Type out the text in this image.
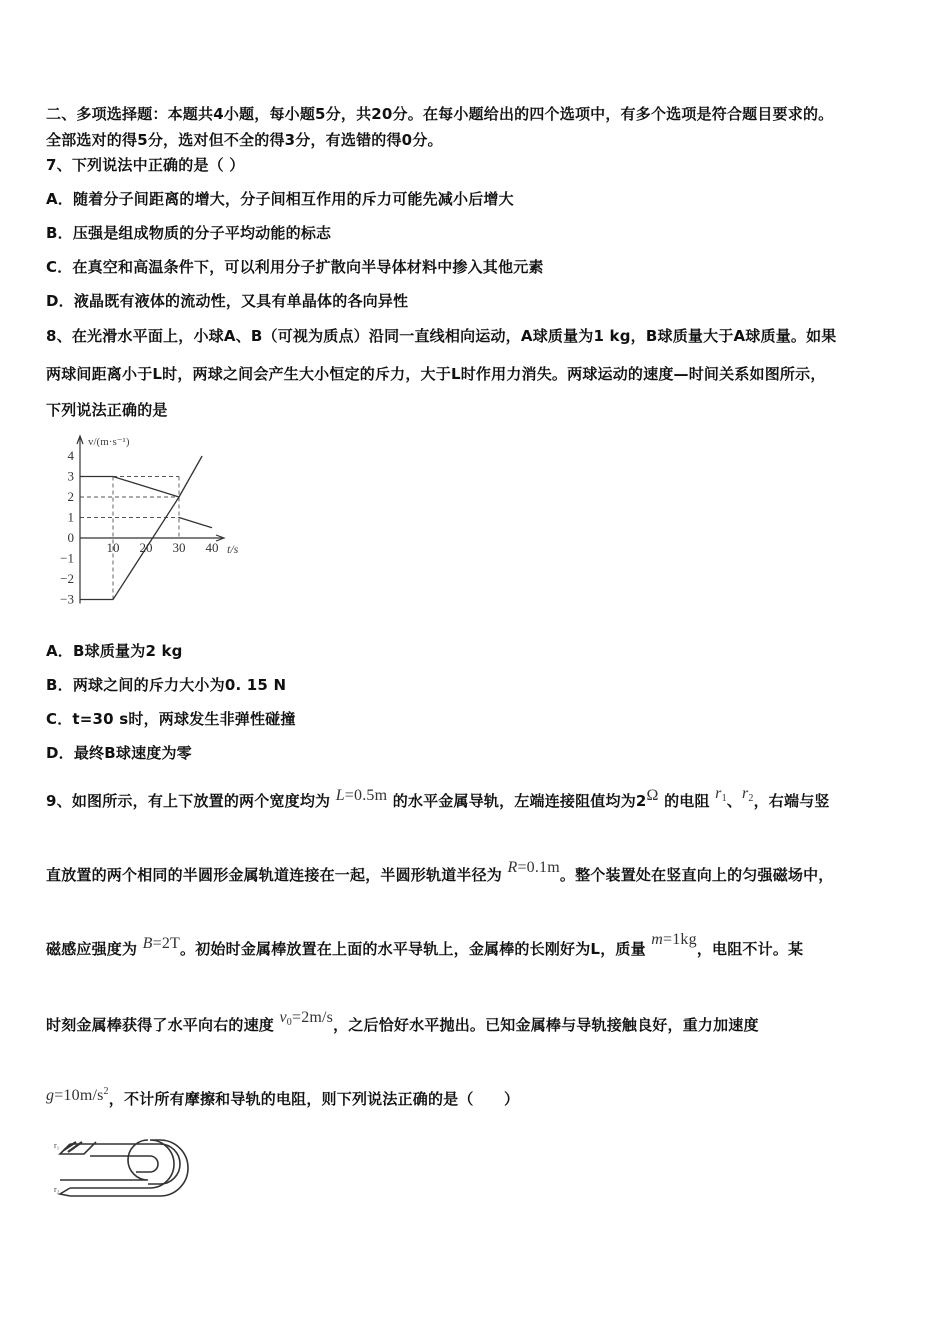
二、多项选择题：本题共4小题，每小题5分，共20分。在每小题给出的四个选项中，有多个选项是符合题目要求的。
全部选对的得5分，选对但不全的得3分，有选错的得0分。
7、下列说法中正确的是（ ）
A．随着分子间距离的增大，分子间相互作用的斥力可能先减小后增大
B．压强是组成物质的分子平均动能的标志
C．在真空和高温条件下，可以利用分子扩散向半导体材料中掺入其他元素
D．液晶既有液体的流动性，又具有单晶体的各向异性
8、在光滑水平面上，小球A、B（可视为质点）沿同一直线相向运动，A球质量为1 kg，B球质量大于A球质量。如果
两球间距离小于L时，两球之间会产生大小恒定的斥力，大于L时作用力消失。两球运动的速度—时间关系如图所示，
下列说法正确的是
10 20 30 40
4
3
2
1
0
−1
−2
−3
v/(m·s⁻¹)
t/s
A．B球质量为2 kg
B．两球之间的斥力大小为0. 15 N
C．t=30 s时，两球发生非弹性碰撞
D．最终B球速度为零
9、如图所示，有上下放置的两个宽度均为 L=0.5m 的水平金属导轨，左端连接阻值均为2Ω 的电阻 $r_1$、$r_2$，右端与竖
直放置的两个相同的半圆形金属轨道连接在一起，半圆形轨道半径为 R=0.1m。整个装置处在竖直向上的匀强磁场中，
磁感应强度为 B=2T。初始时金属棒放置在上面的水平导轨上，金属棒的长刚好为L，质量 m=1kg，电阻不计。某
时刻金属棒获得了水平向右的速度 $v_0=2m/s$，之后恰好水平抛出。已知金属棒与导轨接触良好，重力加速度
$g=10m/s^2$，不计所有摩擦和导轨的电阻，则下列说法正确的是（　　）
r₁
r₂
